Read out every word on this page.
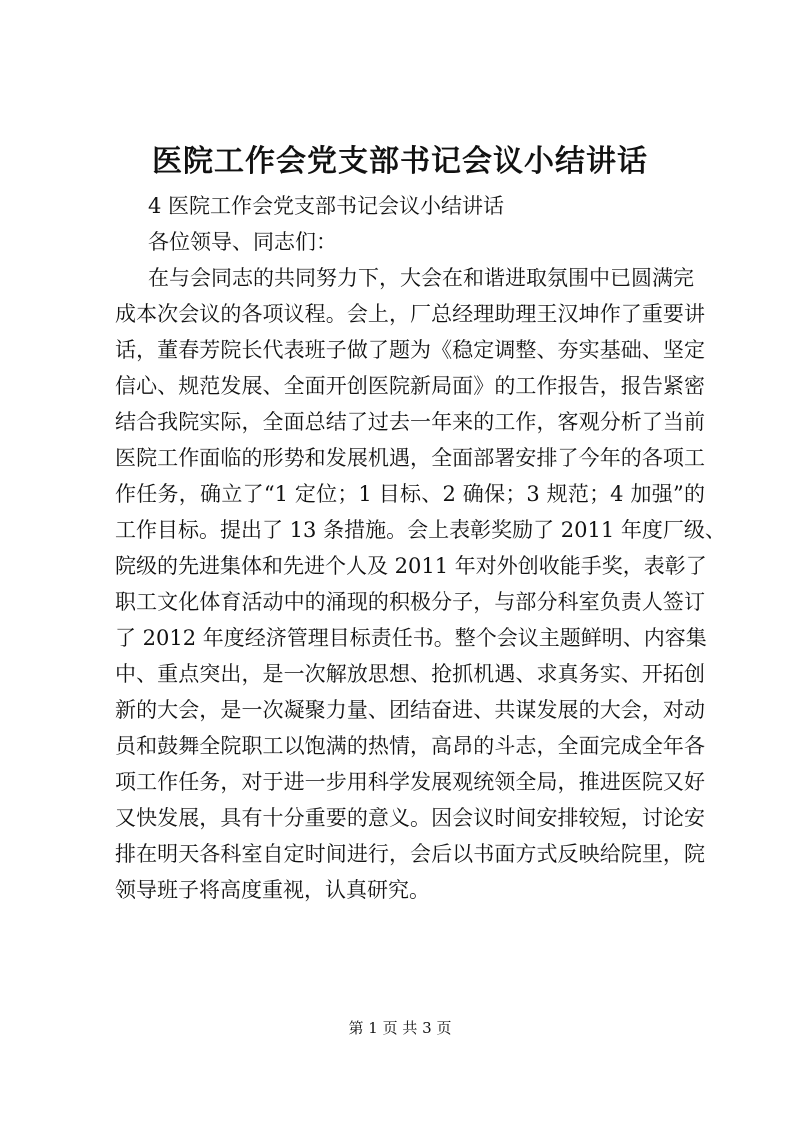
医院工作会党支部书记会议小结讲话

4 医院工作会党支部书记会议小结讲话

各位领导、同志们：

在与会同志的共同努力下，大会在和谐进取氛围中已圆满完

成本次会议的各项议程。会上，厂总经理助理王汉坤作了重要讲

话，董春芳院长代表班子做了题为《稳定调整、夯实基础、坚定

信心、规范发展、全面开创医院新局面》的工作报告，报告紧密

结合我院实际，全面总结了过去一年来的工作，客观分析了当前

医院工作面临的形势和发展机遇，全面部署安排了今年的各项工

作任务，确立了“1 定位；1 目标、2 确保；3 规范；4 加强”的

工作目标。提出了 13 条措施。会上表彰奖励了 2011 年度厂级、

院级的先进集体和先进个人及 2011 年对外创收能手奖，表彰了

职工文化体育活动中的涌现的积极分子，与部分科室负责人签订

了 2012 年度经济管理目标责任书。整个会议主题鲜明、内容集

中、重点突出，是一次解放思想、抢抓机遇、求真务实、开拓创

新的大会，是一次凝聚力量、团结奋进、共谋发展的大会，对动

员和鼓舞全院职工以饱满的热情，高昂的斗志，全面完成全年各

项工作任务，对于进一步用科学发展观统领全局，推进医院又好

又快发展，具有十分重要的意义。因会议时间安排较短，讨论安

排在明天各科室自定时间进行，会后以书面方式反映给院里，院

领导班子将高度重视，认真研究。

第 1 页 共 3 页
